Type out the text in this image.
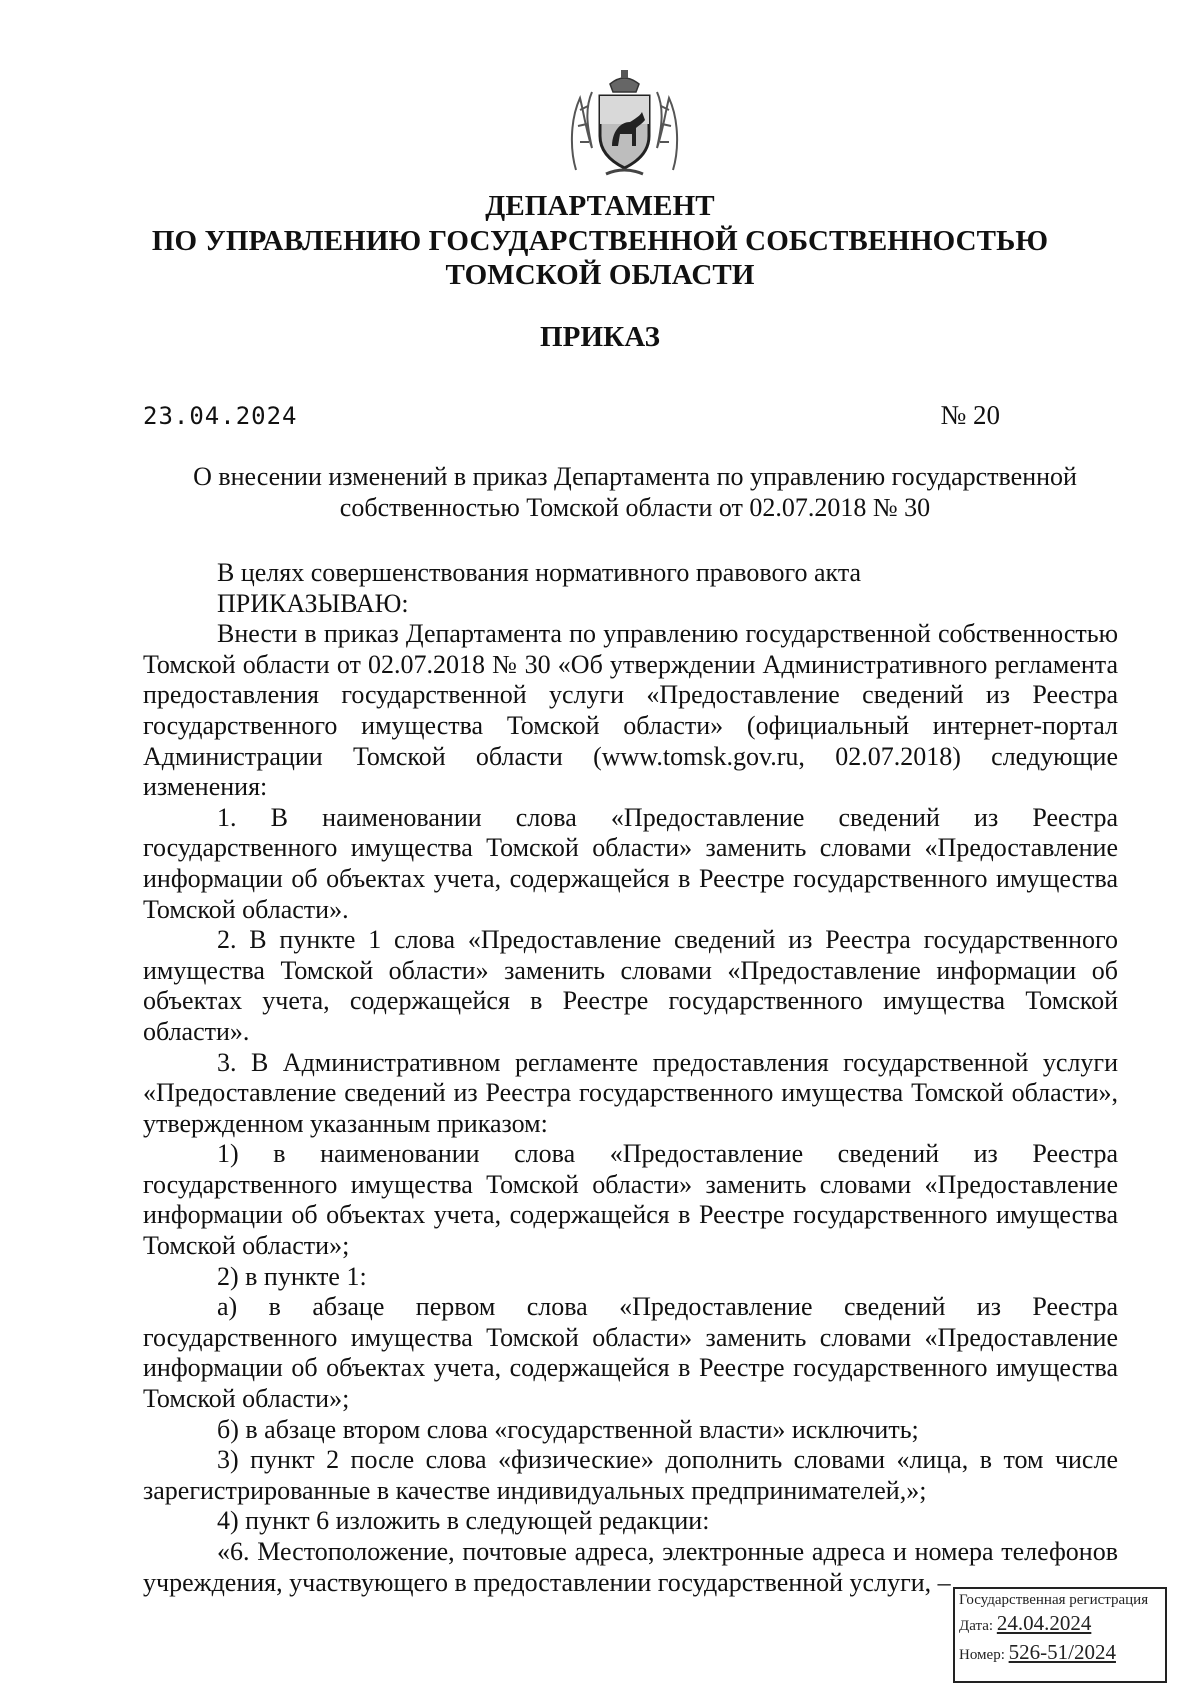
ДЕПАРТАМЕНТ
ПО УПРАВЛЕНИЮ ГОСУДАРСТВЕННОЙ СОБСТВЕННОСТЬЮ
ТОМСКОЙ ОБЛАСТИ
ПРИКАЗ
23.04.2024	№ 20
О внесении изменений в приказ Департамента по управлению государственной собственностью Томской области от 02.07.2018 № 30

В целях совершенствования нормативного правового акта

ПРИКАЗЫВАЮ:

Внести в приказ Департамента по управлению государственной собственностью Томской области от 02.07.2018 № 30 «Об утверждении Административного регламента предоставления государственной услуги «Предоставление сведений из Реестра государственного имущества Томской области» (официальный интернет-портал Администрации Томской области (www.tomsk.gov.ru, 02.07.2018) следующие изменения:

1. В наименовании слова «Предоставление сведений из Реестра государственного имущества Томской области» заменить словами «Предоставление информации об объектах учета, содержащейся в Реестре государственного имущества Томской области».

2. В пункте 1 слова «Предоставление сведений из Реестра государственного имущества Томской области» заменить словами «Предоставление информации об объектах учета, содержащейся в Реестре государственного имущества Томской области».

3. В Административном регламенте предоставления государственной услуги «Предоставление сведений из Реестра государственного имущества Томской области», утвержденном указанным приказом:

1) в наименовании слова «Предоставление сведений из Реестра государственного имущества Томской области» заменить словами «Предоставление информации об объектах учета, содержащейся в Реестре государственного имущества Томской области»;

2) в пункте 1:

а) в абзаце первом слова «Предоставление сведений из Реестра государственного имущества Томской области» заменить словами «Предоставление информации об объектах учета, содержащейся в Реестре государственного имущества Томской области»;

б) в абзаце втором слова «государственной власти» исключить;

3) пункт 2 после слова «физические» дополнить словами «лица, в том числе зарегистрированные в качестве индивидуальных предпринимателей,»;

4) пункт 6 изложить в следующей редакции:

«6. Местоположение, почтовые адреса, электронные адреса и номера телефонов учреждения, участвующего в предоставлении государственной услуги, –

Государственная регистрация
Дата: 24.04.2024
Номер: 526-51/2024
